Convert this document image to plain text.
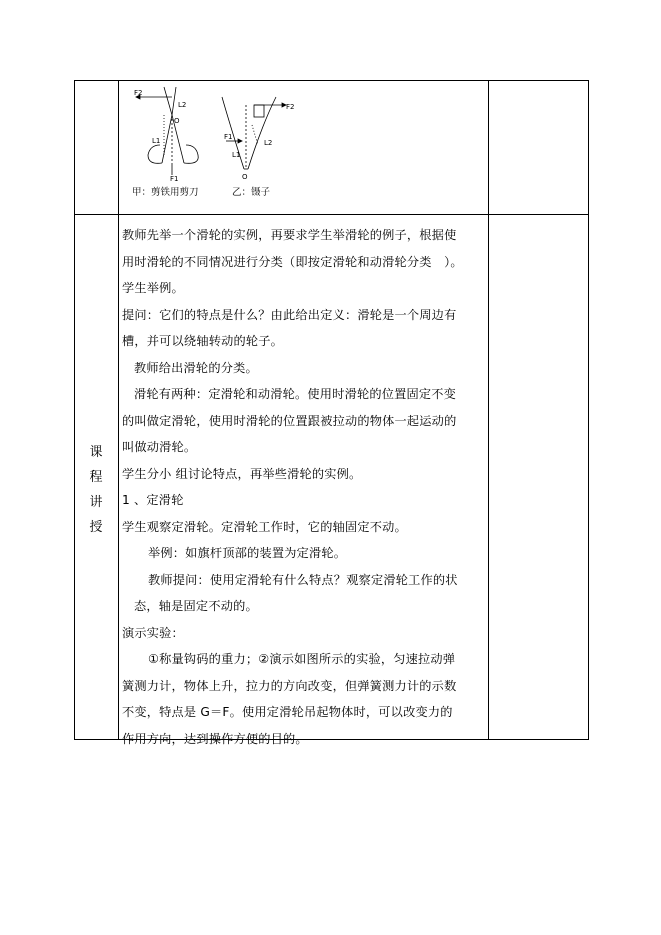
F2
L2
O
L1
F1
甲：剪铁用剪刀
F2
F1
L2
L1
O
乙：镊子
课
程
讲
授

教师先举一个滑轮的实例，再要求学生举滑轮的例子，根据使

用时滑轮的不同情况进行分类（即按定滑轮和动滑轮分类　）。

学生举例。

提问：它们的特点是什么？由此给出定义：滑轮是一个周边有

槽，并可以绕轴转动的轮子。

教师给出滑轮的分类。

滑轮有两种：定滑轮和动滑轮。使用时滑轮的位置固定不变

的叫做定滑轮，使用时滑轮的位置跟被拉动的物体一起运动的

叫做动滑轮。

学生分小 组讨论特点，再举些滑轮的实例。

1 、定滑轮

学生观察定滑轮。定滑轮工作时，它的轴固定不动。

举例：如旗杆顶部的装置为定滑轮。

教师提问：使用定滑轮有什么特点？观察定滑轮工作的状

态，轴是固定不动的。

演示实验：

①称量钩码的重力；②演示如图所示的实验，匀速拉动弹

簧测力计，物体上升，拉力的方向改变，但弹簧测力计的示数

不变，特点是 G＝F。使用定滑轮吊起物体时，可以改变力的

作用方向，达到操作方便的目的。
